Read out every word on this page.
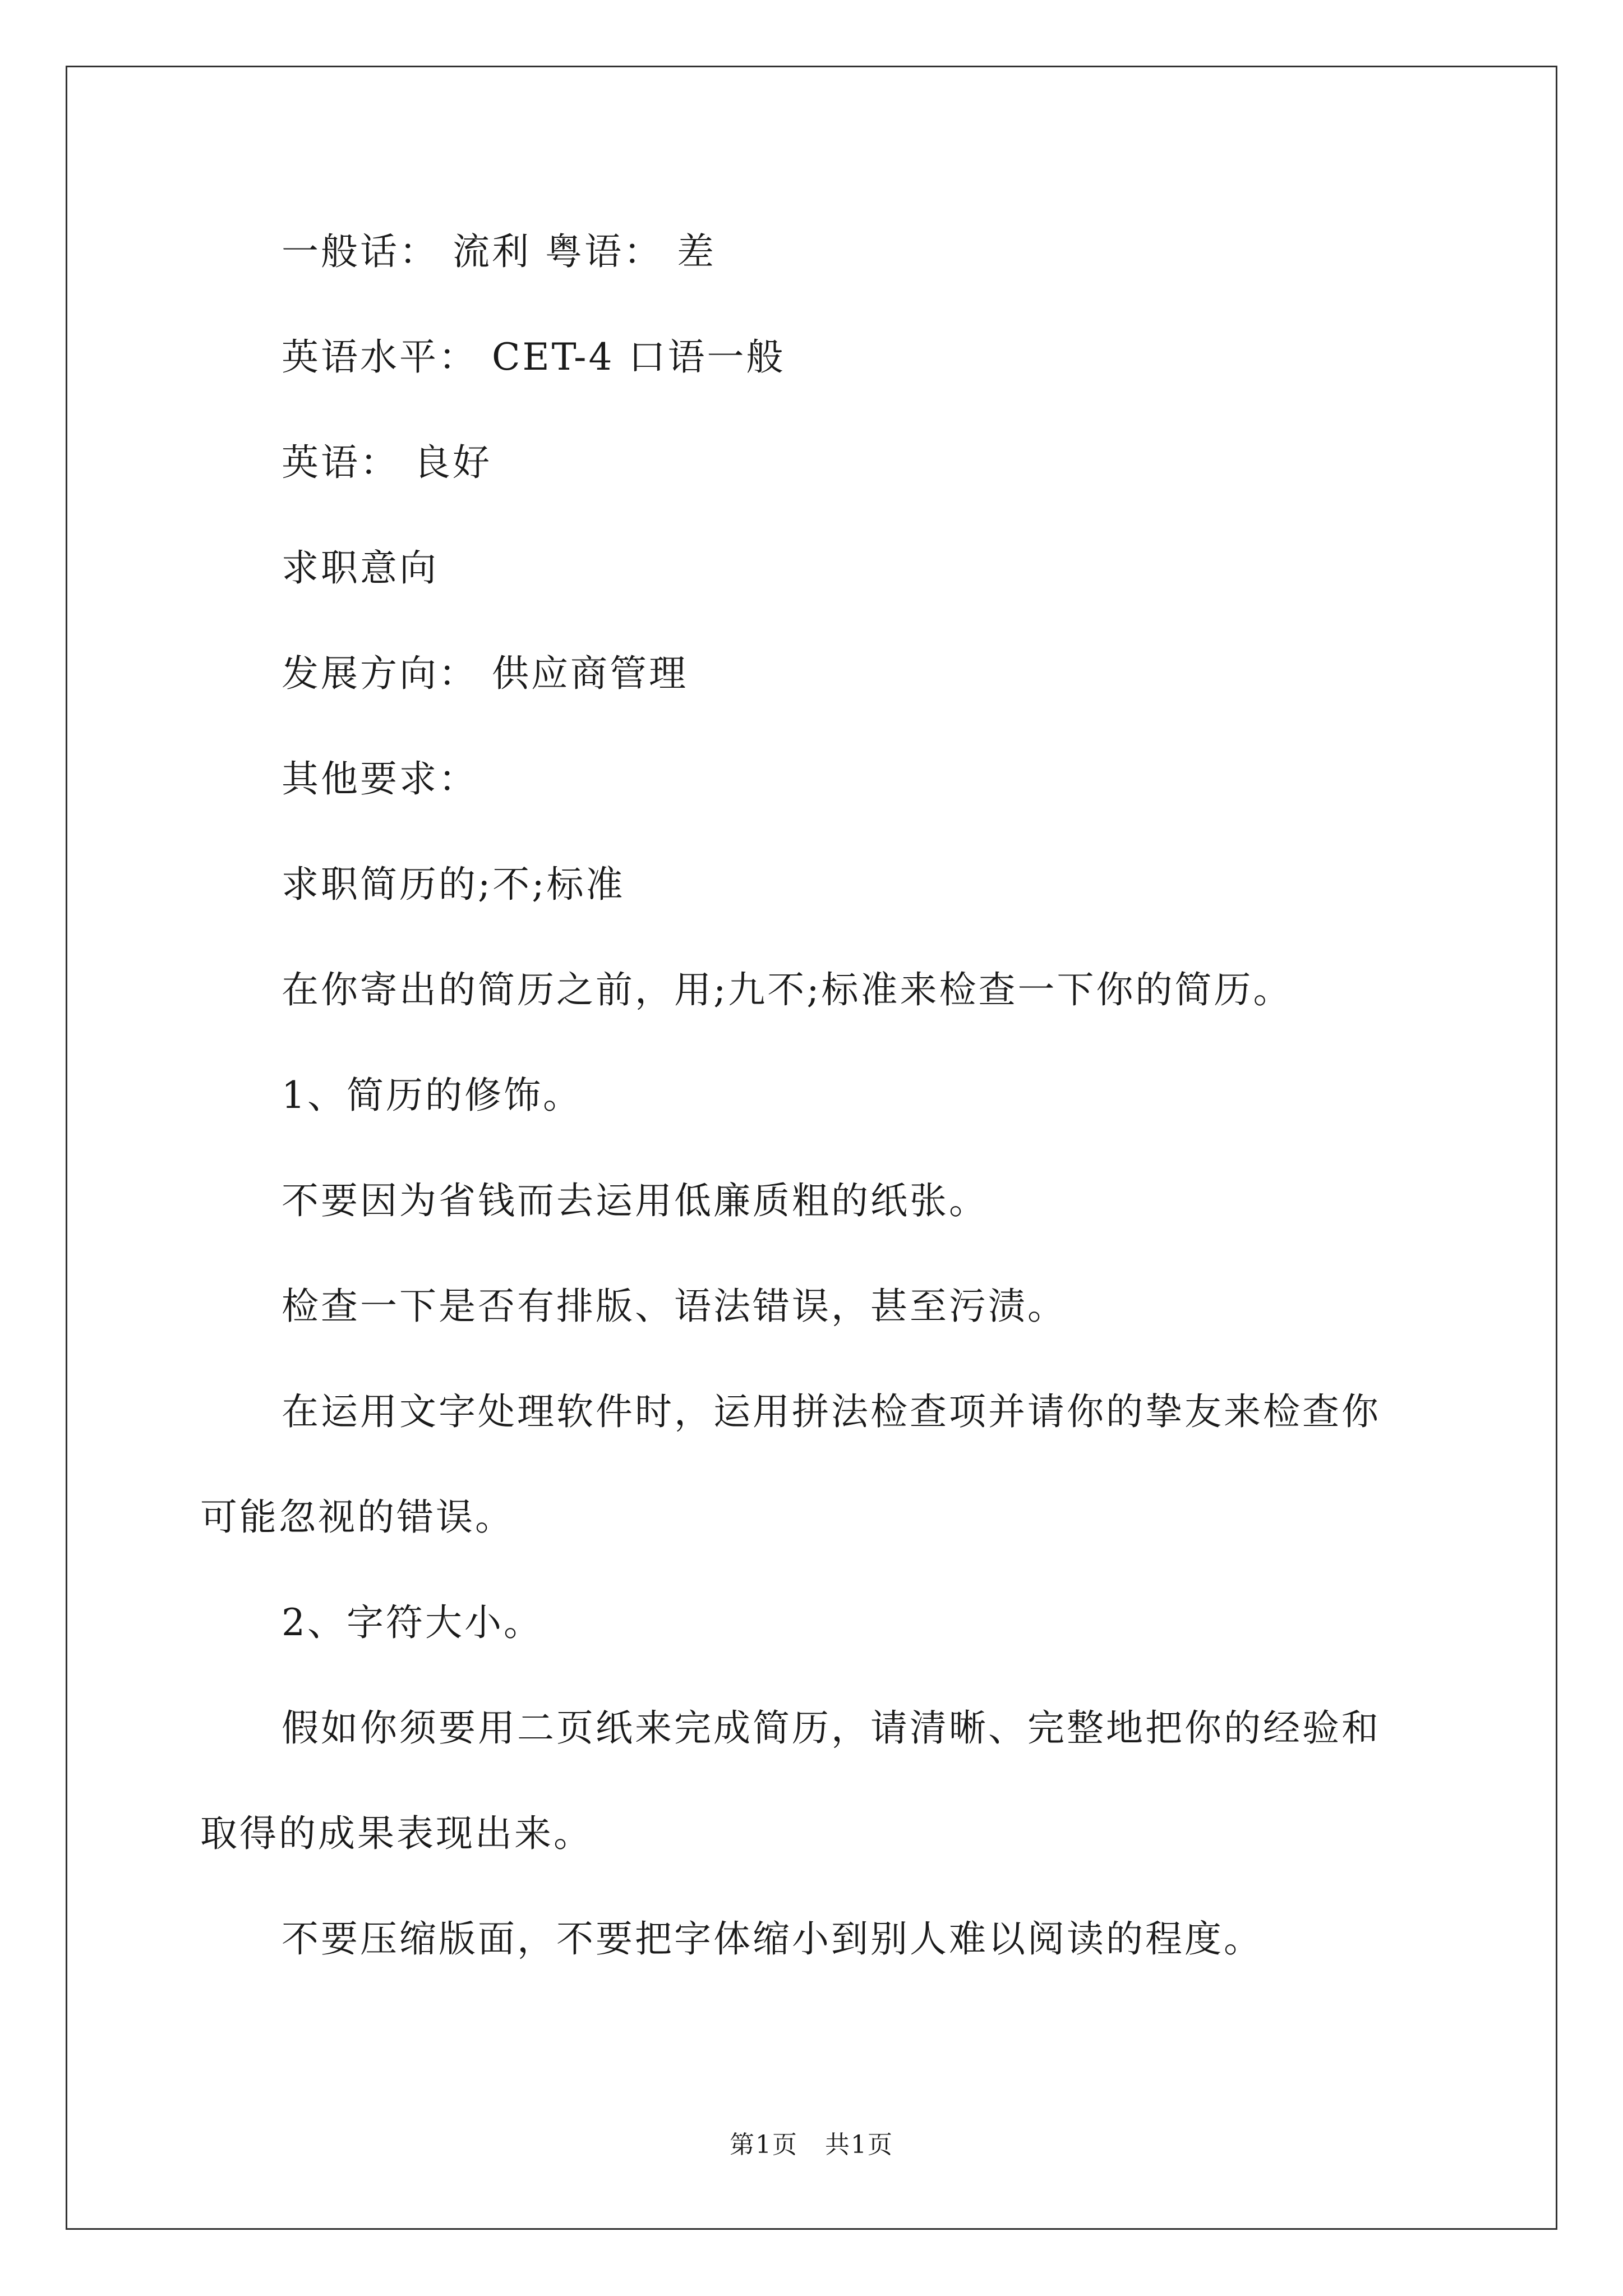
一般话： 流利 粤语： 差

英语水平： CET-4 口语一般

英语： 良好

求职意向

发展方向： 供应商管理

其他要求：

求职简历的;不;标准

在你寄出的简历之前，用;九不;标准来检查一下你的简历。

1、简历的修饰。

不要因为省钱而去运用低廉质粗的纸张。

检查一下是否有排版、语法错误，甚至污渍。

在运用文字处理软件时，运用拼法检查项并请你的挚友来检查你

可能忽视的错误。

2、字符大小。

假如你须要用二页纸来完成简历，请清晰、完整地把你的经验和

取得的成果表现出来。

不要压缩版面，不要把字体缩小到别人难以阅读的程度。

第1页   共1页
